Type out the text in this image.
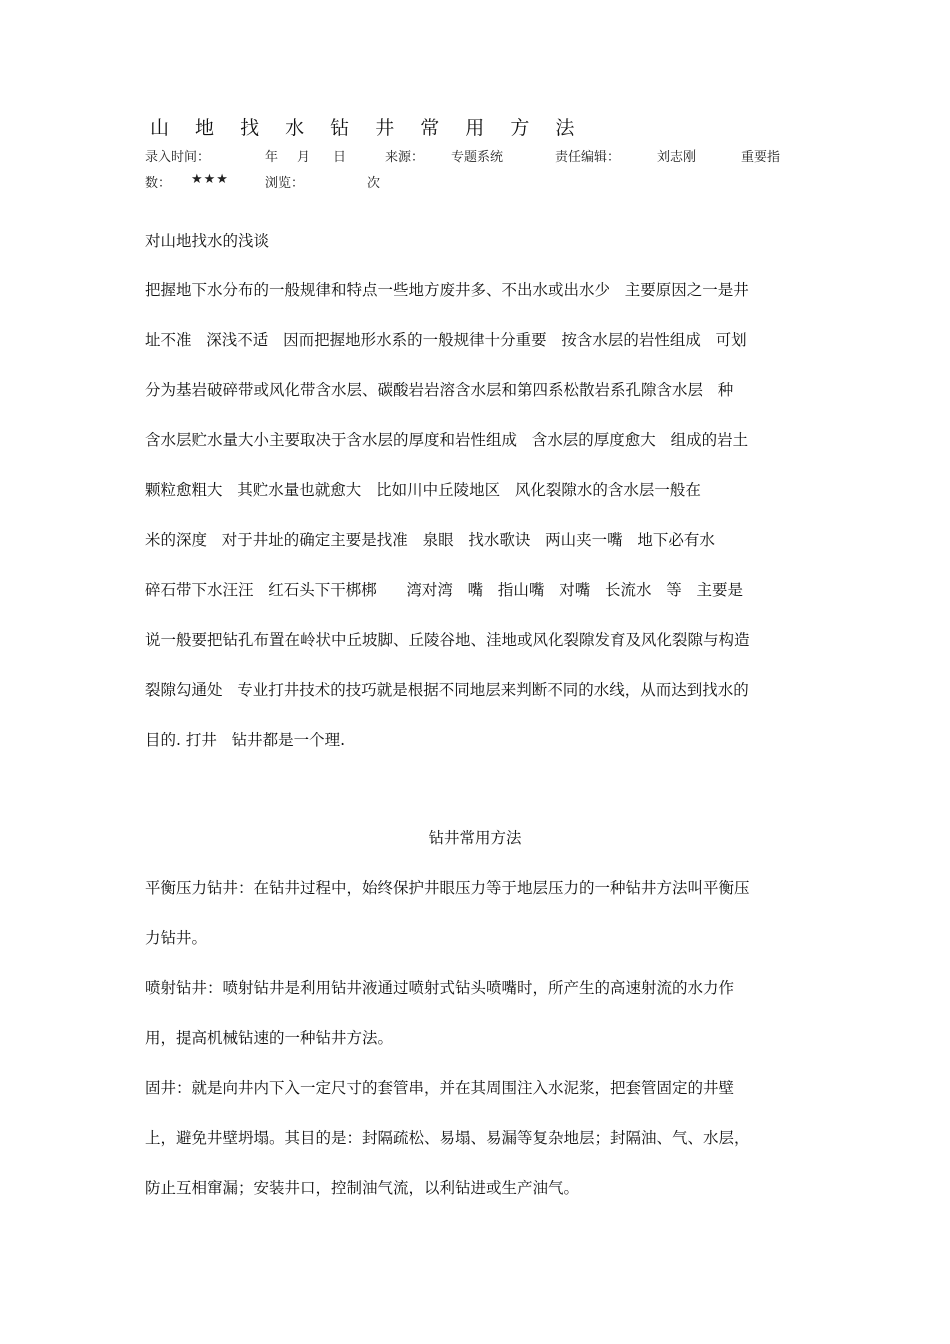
山 地 找 水 钻 井 常 用 方 法

录入时间：

	年

月

日

	来源：

专题系统

	责任编辑：

	刘志刚

	重要指

数：

★★★

	浏览：

	次

对山地找水的浅谈
把握地下水分布的一般规律和特点一些地方废井多、不出水或出水少   主要原因之一是井
址不准   深浅不适   因而把握地形水系的一般规律十分重要   按含水层的岩性组成   可划
分为基岩破碎带或风化带含水层、碳酸岩岩溶含水层和第四系松散岩系孔隙含水层   种
含水层贮水量大小主要取决于含水层的厚度和岩性组成   含水层的厚度愈大   组成的岩土
颗粒愈粗大   其贮水量也就愈大   比如川中丘陵地区   风化裂隙水的含水层一般在
米的深度   对于井址的确定主要是找准   泉眼   找水歌诀   两山夹一嘴   地下必有水
碎石带下水汪汪   红石头下干梆梆      湾对湾   嘴   指山嘴   对嘴   长流水   等   主要是
说一般要把钻孔布置在岭状中丘坡脚、丘陵谷地、洼地或风化裂隙发育及风化裂隙与构造
裂隙勾通处   专业打井技术的技巧就是根据不同地层来判断不同的水线，从而达到找水的
目的. 打井   钻井都是一个理.
钻井常用方法
平衡压力钻井：在钻井过程中，始终保护井眼压力等于地层压力的一种钻井方法叫平衡压
力钻井。
喷射钻井：喷射钻井是利用钻井液通过喷射式钻头喷嘴时，所产生的高速射流的水力作
用，提高机械钻速的一种钻井方法。
固井：就是向井内下入一定尺寸的套管串，并在其周围注入水泥浆，把套管固定的井壁
上，避免井壁坍塌。其目的是：封隔疏松、易塌、易漏等复杂地层；封隔油、气、水层，
防止互相窜漏；安装井口，控制油气流，以利钻进或生产油气。
